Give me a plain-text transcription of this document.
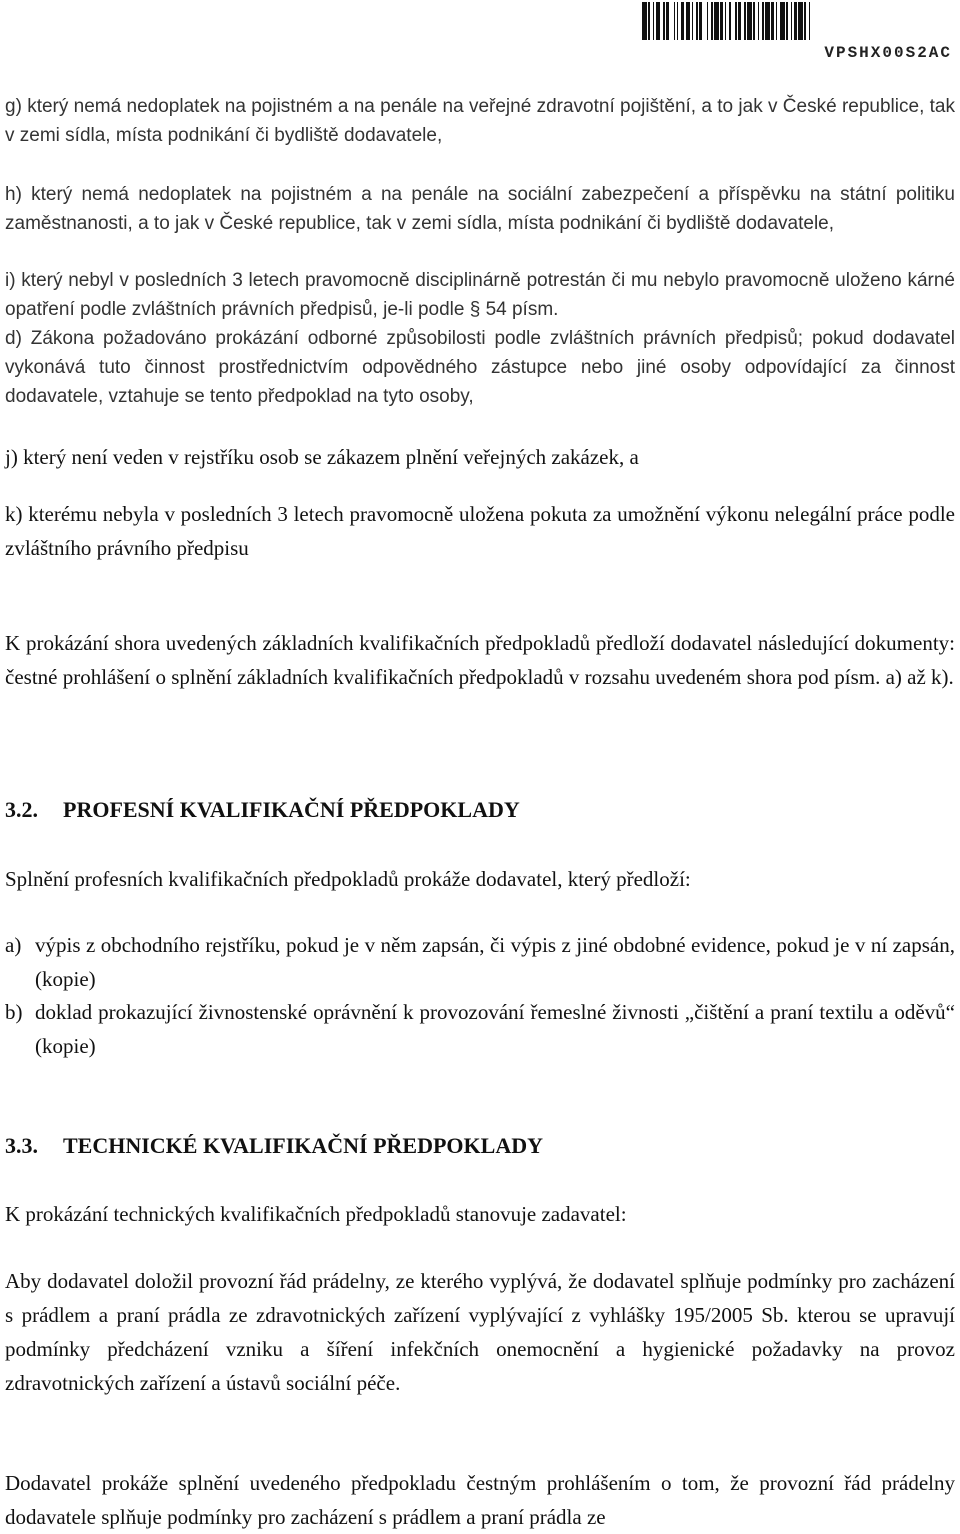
VPSHX00S2AC

g) který nemá nedoplatek na pojistném a na penále na veřejné zdravotní pojištění, a to jak v České republice, tak v zemi sídla, místa podnikání či bydliště dodavatele,

h) který nemá nedoplatek na pojistném a na penále na sociální zabezpečení a příspěvku na státní politiku zaměstnanosti, a to jak v České republice, tak v zemi sídla, místa podnikání či bydliště dodavatele,

i) který nebyl v posledních 3 letech pravomocně disciplinárně potrestán či mu nebylo pravomocně uloženo kárné opatření podle zvláštních právních předpisů, je-li podle § 54 písm.

d) Zákona požadováno prokázání odborné způsobilosti podle zvláštních právních předpisů; pokud dodavatel vykonává tuto činnost prostřednictvím odpovědného zástupce nebo jiné osoby odpovídající za činnost dodavatele, vztahuje se tento předpoklad na tyto osoby,

j) který není veden v rejstříku osob se zákazem plnění veřejných zakázek, a

k) kterému nebyla v posledních 3 letech pravomocně uložena pokuta za umožnění výkonu nelegální práce podle zvláštního právního předpisu

K prokázání shora uvedených základních kvalifikačních předpokladů předloží dodavatel následující dokumenty: čestné prohlášení o splnění základních kvalifikačních předpokladů v rozsahu uvedeném shora pod písm. a) až k).

3.2. PROFESNÍ KVALIFIKAČNÍ PŘEDPOKLADY

Splnění profesních kvalifikačních předpokladů prokáže dodavatel, který předloží:

a) výpis z obchodního rejstříku, pokud je v něm zapsán, či výpis z jiné obdobné evidence, pokud je v ní zapsán, (kopie)
b) doklad prokazující živnostenské oprávnění k provozování řemeslné živnosti „čištění a praní textilu a oděvů“ (kopie)
3.3. TECHNICKÉ KVALIFIKAČNÍ PŘEDPOKLADY

K prokázání technických kvalifikačních předpokladů stanovuje zadavatel:

Aby dodavatel doložil provozní řád prádelny, ze kterého vyplývá, že dodavatel splňuje podmínky pro zacházení s prádlem a praní prádla ze zdravotnických zařízení vyplývající z vyhlášky 195/2005 Sb. kterou se upravují podmínky předcházení vzniku a šíření infekčních onemocnění a hygienické požadavky na provoz zdravotnických zařízení a ústavů sociální péče.

Dodavatel prokáže splnění uvedeného předpokladu čestným prohlášením o tom, že provozní řád prádelny dodavatele splňuje podmínky pro zacházení s prádlem a praní prádla ze
